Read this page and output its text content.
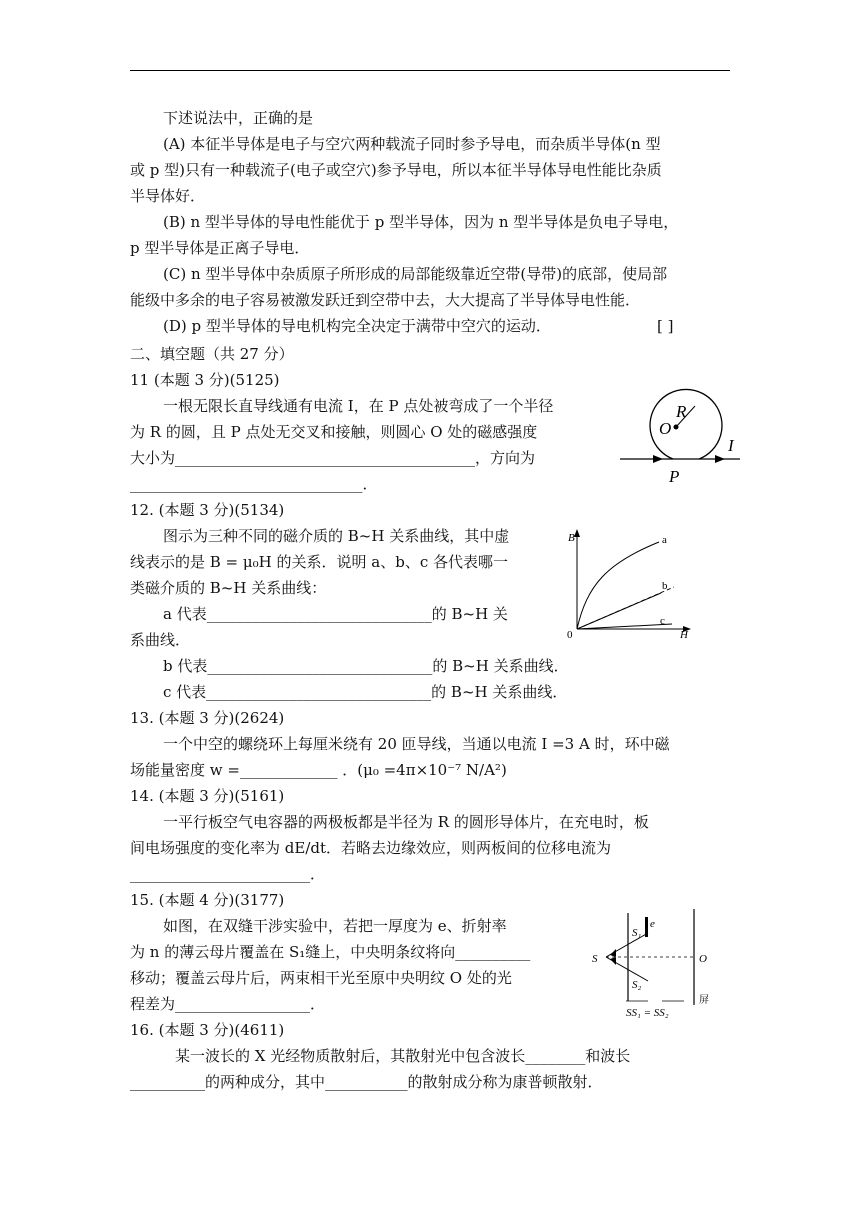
下述说法中，正确的是
(A) 本征半导体是电子与空穴两种载流子同时参予导电，而杂质半导体(n 型
或 p 型)只有一种载流子(电子或空穴)参予导电，所以本征半导体导电性能比杂质
半导体好．
(B) n 型半导体的导电性能优于 p 型半导体，因为 n 型半导体是负电子导电，
p 型半导体是正离子导电．
(C) n 型半导体中杂质原子所形成的局部能级靠近空带(导带)的底部，使局部
能级中多余的电子容易被激发跃迁到空带中去，大大提高了半导体导电性能．
(D) p 型半导体的导电机构完全决定于满带中空穴的运动．	[ ]
二、填空题（共 27 分）
11 (本题 3 分)(5125)
一根无限长直导线通有电流 I，在 P 点处被弯成了一个半径
为 R 的圆，且 P 点处无交叉和接触，则圆心 O 处的磁感强度
大小为________________________________________，方向为
_______________________________．
R
O
I
P
12. (本题 3 分)(5134)
图示为三种不同的磁介质的 B~H 关系曲线，其中虚
线表示的是 B = μ₀H 的关系．说明 a、b、c 各代表哪一
类磁介质的 B~H 关系曲线：
a 代表______________________________的 B~H 关
系曲线．
b 代表______________________________的 B~H 关系曲线．
c 代表______________________________的 B~H 关系曲线．
B
H
0
a
b
c
13. (本题 3 分)(2624)
一个中空的螺绕环上每厘米绕有 20 匝导线，当通以电流 I =3 A 时，环中磁
场能量密度 w =_____________ ．(μ₀ =4π×10⁻⁷ N/A²)
14. (本题 3 分)(5161)
一平行板空气电容器的两极板都是半径为 R 的圆形导体片，在充电时，板
间电场强度的变化率为 dE/dt．若略去边缘效应，则两板间的位移电流为
________________________．
15. (本题 4 分)(3177)
如图，在双缝干涉实验中，若把一厚度为 e、折射率
为 n 的薄云母片覆盖在 S₁缝上，中央明条纹将向__________
移动；覆盖云母片后，两束相干光至原中央明纹 O 处的光
程差为__________________．
S
S₁
S₂
e
O
屏
SS₁ = SS₂
16. (本题 3 分)(4611)
某一波长的 X 光经物质散射后，其散射光中包含波长________和波长
__________的两种成分，其中___________的散射成分称为康普顿散射．
